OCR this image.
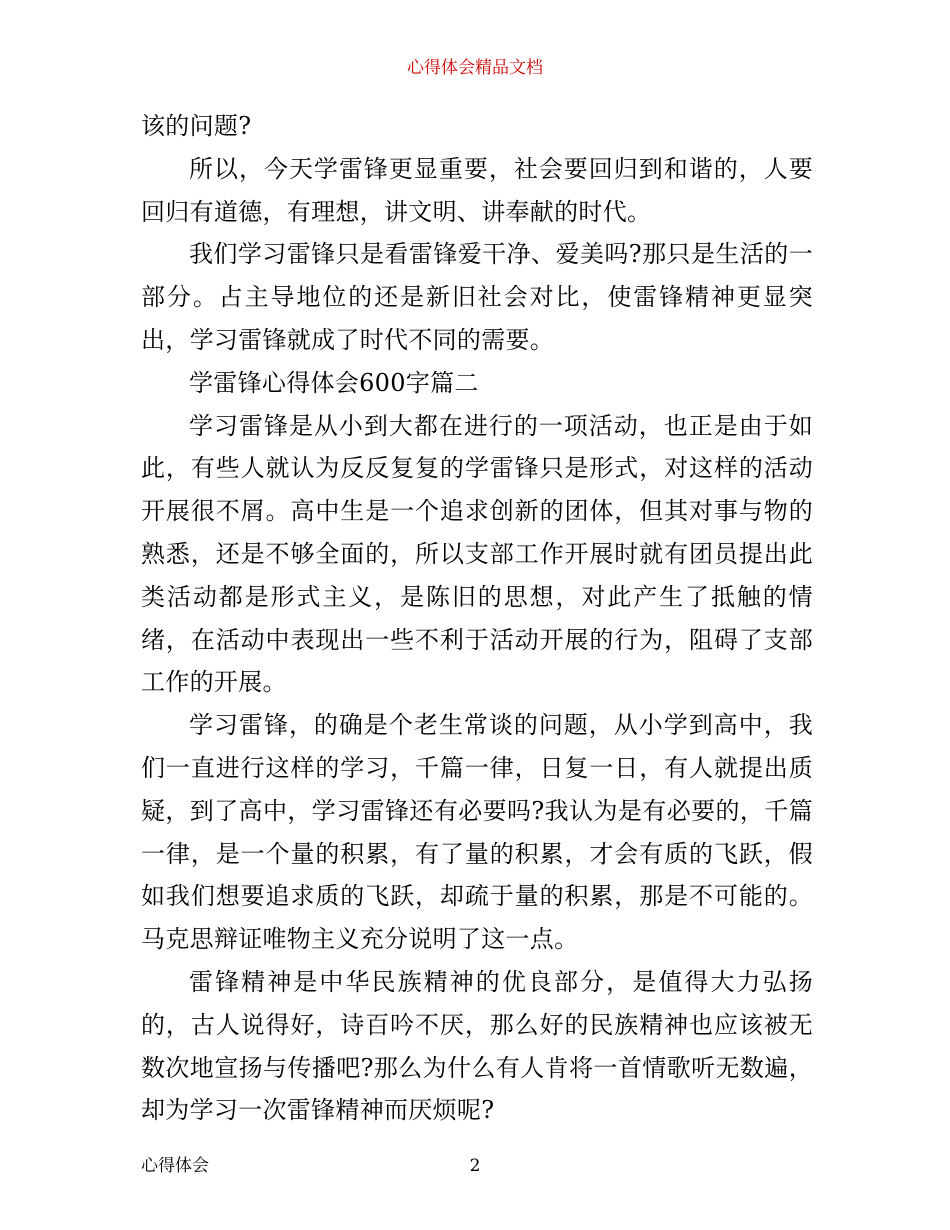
心得体会精品文档

该的问题?

所以，今天学雷锋更显重要，社会要回归到和谐的，人要回归有道德，有理想，讲文明、讲奉献的时代。

我们学习雷锋只是看雷锋爱干净、爱美吗?那只是生活的一部分。占主导地位的还是新旧社会对比，使雷锋精神更显突出，学习雷锋就成了时代不同的需要。

学雷锋心得体会600字篇二

学习雷锋是从小到大都在进行的一项活动，也正是由于如此，有些人就认为反反复复的学雷锋只是形式，对这样的活动开展很不屑。高中生是一个追求创新的团体，但其对事与物的熟悉，还是不够全面的，所以支部工作开展时就有团员提出此类活动都是形式主义，是陈旧的思想，对此产生了抵触的情绪，在活动中表现出一些不利于活动开展的行为，阻碍了支部工作的开展。

学习雷锋，的确是个老生常谈的问题，从小学到高中，我们一直进行这样的学习，千篇一律，日复一日，有人就提出质疑，到了高中，学习雷锋还有必要吗?我认为是有必要的，千篇一律，是一个量的积累，有了量的积累，才会有质的飞跃，假如我们想要追求质的飞跃，却疏于量的积累，那是不可能的。马克思辩证唯物主义充分说明了这一点。

雷锋精神是中华民族精神的优良部分，是值得大力弘扬的，古人说得好，诗百吟不厌，那么好的民族精神也应该被无数次地宣扬与传播吧?那么为什么有人肯将一首情歌听无数遍，却为学习一次雷锋精神而厌烦呢?

心得体会	2
